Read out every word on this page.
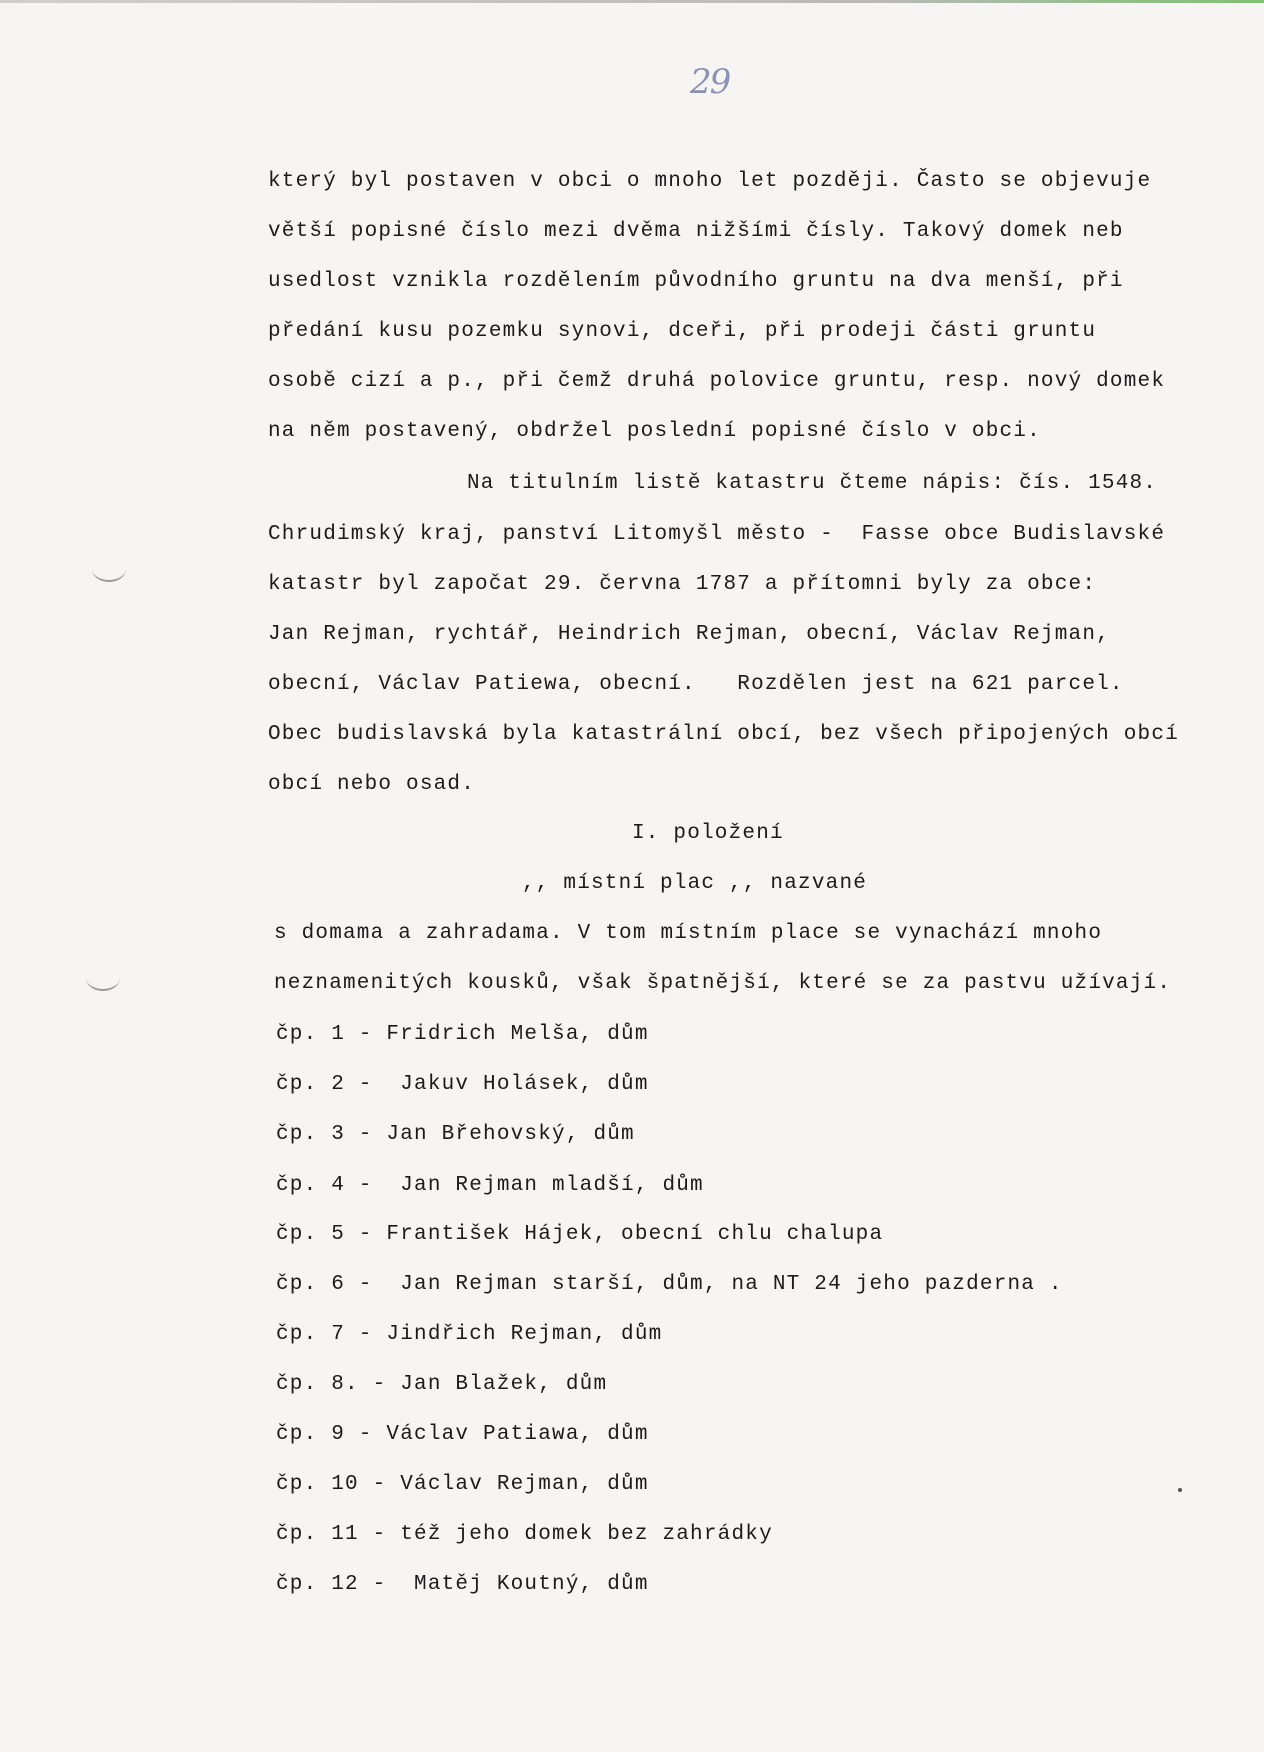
29
který byl postaven v obci o mnoho let později. Často se objevuje
větší popisné číslo mezi dvěma nižšími čísly. Takový domek neb
usedlost vznikla rozdělením původního gruntu na dva menší, při
předání kusu pozemku synovi, dceři, při prodeji části gruntu
osobě cizí a p., při čemž druhá polovice gruntu, resp. nový domek
na něm postavený, obdržel poslední popisné číslo v obci.
Na titulním listě katastru čteme nápis: čís. 1548.
Chrudimský kraj, panství Litomyšl město -  Fasse obce Budislavské
katastr byl započat 29. června 1787 a přítomni byly za obce:
Jan Rejman, rychtář, Heindrich Rejman, obecní, Václav Rejman,
obecní, Václav Patiewa, obecní.   Rozdělen jest na 621 parcel.
Obec budislavská byla katastrální obcí, bez všech připojených obcí
obcí nebo osad.
I. položení
,, místní plac ,, nazvané
s domama a zahradama. V tom místním place se vynachází mnoho
neznamenitých kousků, však špatnější, které se za pastvu užívají.
čp. 1 - Fridrich Melša, dům
čp. 2 -  Jakuv Holásek, dům
čp. 3 - Jan Břehovský, dům
čp. 4 -  Jan Rejman mladší, dům
čp. 5 - František Hájek, obecní chlu chalupa
čp. 6 -  Jan Rejman starší, dům, na NT 24 jeho pazderna .
čp. 7 - Jindřich Rejman, dům
čp. 8. - Jan Blažek, dům
čp. 9 - Václav Patiawa, dům
čp. 10 - Václav Rejman, dům
čp. 11 - též jeho domek bez zahrádky
čp. 12 -  Matěj Koutný, dům
